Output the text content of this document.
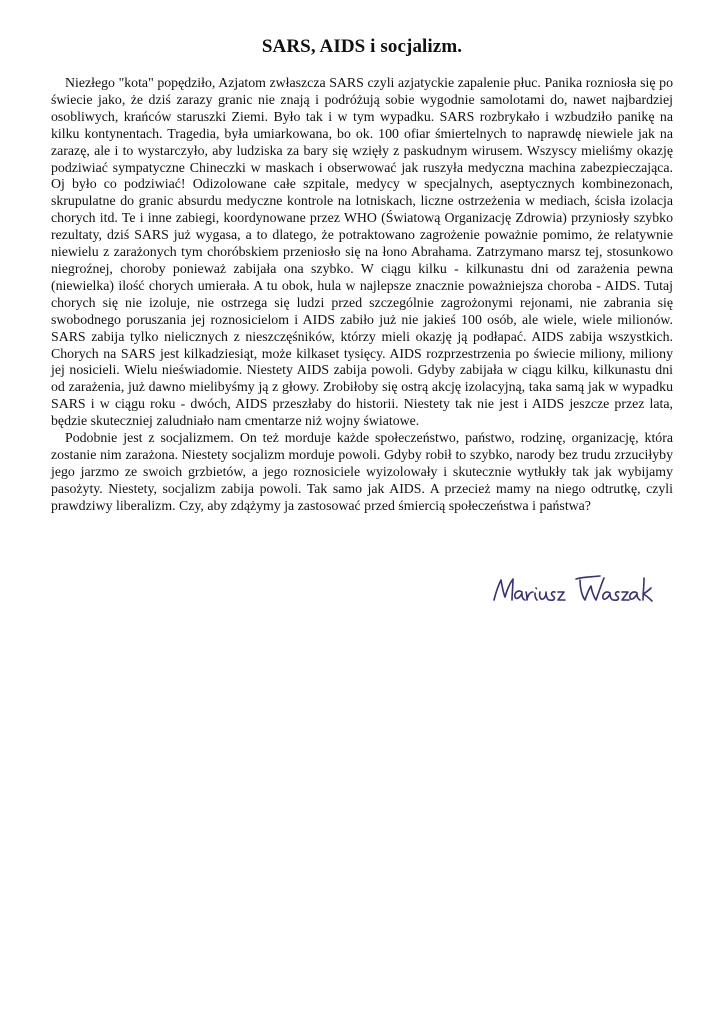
SARS, AIDS i socjalizm.

Niezłego "kota" popędziło, Azjatom zwłaszcza SARS czyli azjatyckie zapalenie płuc. Panika rozniosła się po świecie jako, że dziś zarazy granic nie znają i podróżują sobie wygodnie samolotami do, nawet najbardziej osobliwych, krańców staruszki Ziemi. Było tak i w tym wypadku. SARS rozbrykało i wzbudziło panikę na kilku kontynentach. Tragedia, była umiarkowana, bo ok. 100 ofiar śmiertelnych to naprawdę niewiele jak na zarazę, ale i to wystarczyło, aby ludziska za bary się wzięły z paskudnym wirusem. Wszyscy mieliśmy okazję podziwiać sympatyczne Chineczki w maskach i obserwować jak ruszyła medyczna machina zabezpieczająca. Oj było co podziwiać! Odizolowane całe szpitale, medycy w specjalnych, aseptycznych kombinezonach, skrupulatne do granic absurdu medyczne kontrole na lotniskach, liczne ostrzeżenia w mediach, ścisła izolacja chorych itd. Te i inne zabiegi, koordynowane przez WHO (Światową Organizację Zdrowia) przyniosły szybko rezultaty, dziś SARS już wygasa, a to dlatego, że potraktowano zagrożenie poważnie pomimo, że relatywnie niewielu z zarażonych tym choróbskiem przeniosło się na łono Abrahama. Zatrzymano marsz tej, stosunkowo niegroźnej, choroby ponieważ zabijała ona szybko. W ciągu kilku - kilkunastu dni od zarażenia pewna (niewielka) ilość chorych umierała. A tu obok, hula w najlepsze znacznie poważniejsza choroba - AIDS. Tutaj chorych się nie izoluje, nie ostrzega się ludzi przed szczególnie zagrożonymi rejonami, nie zabrania się swobodnego poruszania jej roznosicielom i AIDS zabiło już nie jakieś 100 osób, ale wiele, wiele milionów. SARS zabija tylko nielicznych z nieszczęśników, którzy mieli okazję ją podłapać. AIDS zabija wszystkich. Chorych na SARS jest kilkadziesiąt, może kilkaset tysięcy. AIDS rozprzestrzenia po świecie miliony, miliony jej nosicieli. Wielu nieświadomie. Niestety AIDS zabija powoli. Gdyby zabijała w ciągu kilku, kilkunastu dni od zarażenia, już dawno mielibyśmy ją z głowy. Zrobiłoby się ostrą akcję izolacyjną, taka samą jak w wypadku SARS i w ciągu roku - dwóch, AIDS przeszłaby do historii. Niestety tak nie jest i AIDS jeszcze przez lata, będzie skuteczniej zaludniało nam cmentarze niż wojny światowe.

Podobnie jest z socjalizmem. On też morduje każde społeczeństwo, państwo, rodzinę, organizację, która zostanie nim zarażona. Niestety socjalizm morduje powoli. Gdyby robił to szybko, narody bez trudu zrzuciłyby jego jarzmo ze swoich grzbietów, a jego roznosiciele wyizolowały i skutecznie wytłukły tak jak wybijamy pasożyty. Niestety, socjalizm zabija powoli. Tak samo jak AIDS. A przecież mamy na niego odtrutkę, czyli prawdziwy liberalizm. Czy, aby zdążymy ja zastosować przed śmiercią społeczeństwa i państwa?
